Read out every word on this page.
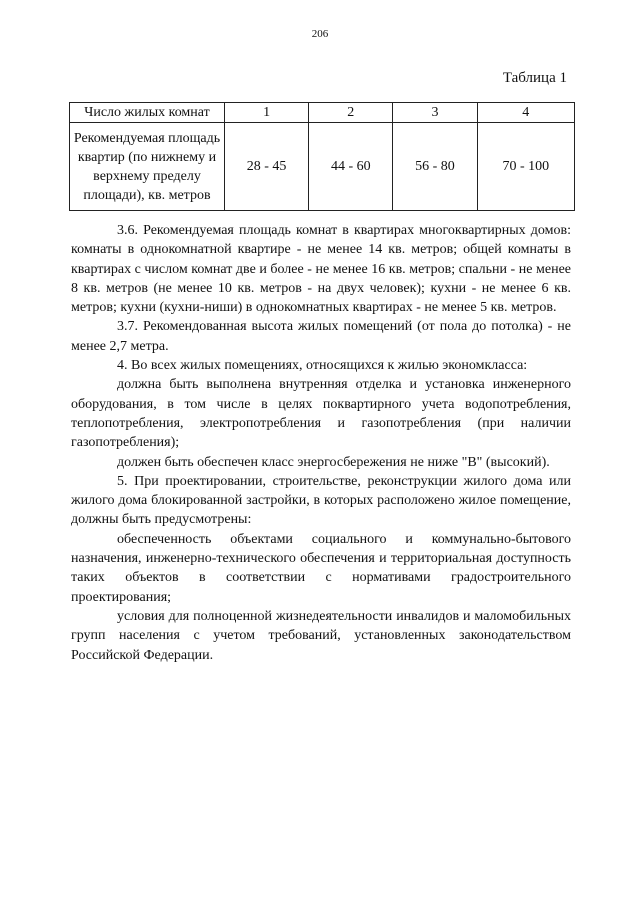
206
Таблица 1
Число жилых комнат	1	2	3	4
Рекомендуемая площадь квартир (по нижнему и верхнему пределу площади), кв. метров	28 - 45	44 - 60	56 - 80	70 - 100

3.6. Рекомендуемая площадь комнат в квартирах многоквартирных домов: комнаты в однокомнатной квартире - не менее 14 кв. метров; общей комнаты в квартирах с числом комнат две и более - не менее 16 кв. метров; спальни - не менее 8 кв. метров (не менее 10 кв. метров - на двух человек); кухни - не менее 6 кв. метров; кухни (кухни-ниши) в однокомнатных квартирах - не менее 5 кв. метров.

3.7. Рекомендованная высота жилых помещений (от пола до потолка) - не менее 2,7 метра.

4. Во всех жилых помещениях, относящихся к жилью экономкласса:

должна быть выполнена внутренняя отделка и установка инженерного оборудования, в том числе в целях поквартирного учета водопотребления, теплопотребления, электропотребления и газопотребления (при наличии газопотребления);

должен быть обеспечен класс энергосбережения не ниже "В" (высокий).

5. При проектировании, строительстве, реконструкции жилого дома или жилого дома блокированной застройки, в которых расположено жилое помещение, должны быть предусмотрены:

обеспеченность объектами социального и коммунально-бытового назначения, инженерно-технического обеспечения и территориальная доступность таких объектов в соответствии с нормативами градостроительного проектирования;

условия для полноценной жизнедеятельности инвалидов и маломобильных групп населения с учетом требований, установленных законодательством Российской Федерации.
